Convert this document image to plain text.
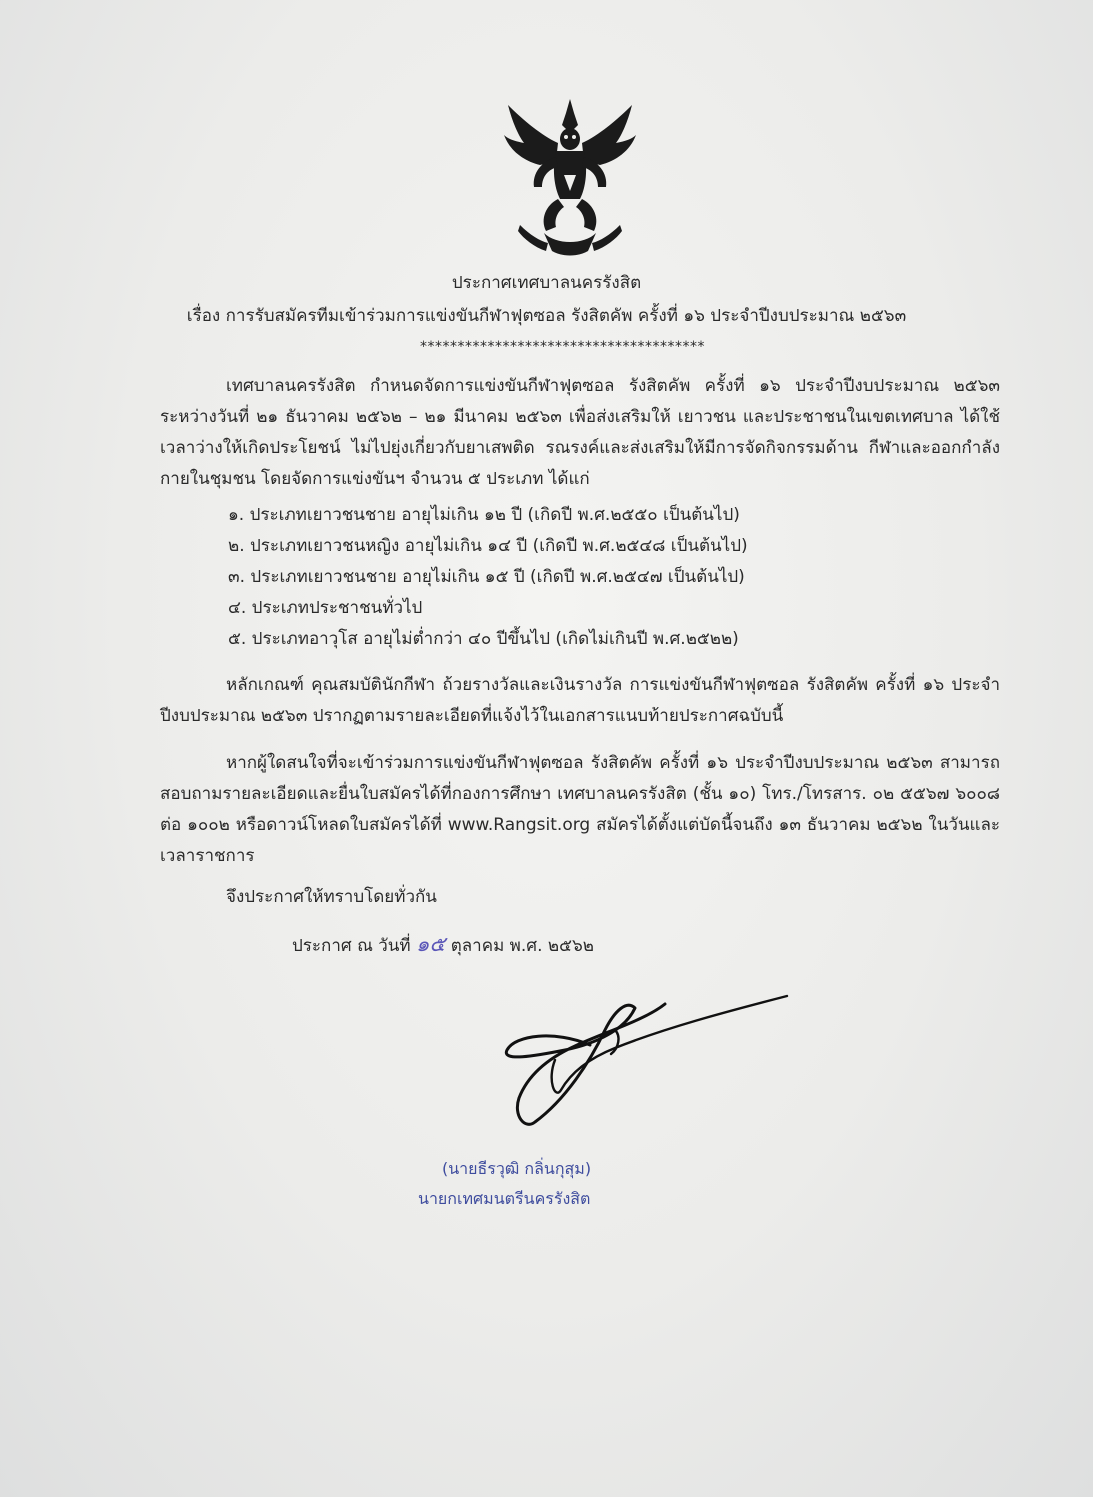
ประกาศเทศบาลนครรังสิต
เรื่อง การรับสมัครทีมเข้าร่วมการแข่งขันกีฬาฟุตซอล รังสิตคัพ ครั้งที่ ๑๖ ประจำปีงบประมาณ ๒๕๖๓
**************************************
เทศบาลนครรังสิต กำหนดจัดการแข่งขันกีฬาฟุตซอล รังสิตคัพ ครั้งที่ ๑๖ ประจำปีงบประมาณ ๒๕๖๓ ระหว่างวันที่ ๒๑ ธันวาคม ๒๕๖๒ – ๒๑ มีนาคม ๒๕๖๓ เพื่อส่งเสริมให้ เยาวชน และประชาชนในเขตเทศบาล ได้ใช้เวลาว่างให้เกิดประโยชน์ ไม่ไปยุ่งเกี่ยวกับยาเสพติด รณรงค์และส่งเสริมให้มีการจัดกิจกรรมด้าน กีฬาและออกกำลังกายในชุมชน โดยจัดการแข่งขันฯ จำนวน ๕ ประเภท ได้แก่
๑. ประเภทเยาวชนชาย อายุไม่เกิน ๑๒ ปี (เกิดปี พ.ศ.๒๕๕๐ เป็นต้นไป)
๒. ประเภทเยาวชนหญิง อายุไม่เกิน ๑๔ ปี (เกิดปี พ.ศ.๒๕๔๘ เป็นต้นไป)
๓. ประเภทเยาวชนชาย อายุไม่เกิน ๑๕ ปี (เกิดปี พ.ศ.๒๕๔๗ เป็นต้นไป)
๔. ประเภทประชาชนทั่วไป
๕. ประเภทอาวุโส อายุไม่ต่ำกว่า ๔๐ ปีขึ้นไป (เกิดไม่เกินปี พ.ศ.๒๕๒๒)
หลักเกณฑ์ คุณสมบัตินักกีฬา ถ้วยรางวัลและเงินรางวัล การแข่งขันกีฬาฟุตซอล รังสิตคัพ ครั้งที่ ๑๖ ประจำปีงบประมาณ ๒๕๖๓ ปรากฏตามรายละเอียดที่แจ้งไว้ในเอกสารแนบท้ายประกาศฉบับนี้
หากผู้ใดสนใจที่จะเข้าร่วมการแข่งขันกีฬาฟุตซอล รังสิตคัพ ครั้งที่ ๑๖ ประจำปีงบประมาณ ๒๕๖๓ สามารถสอบถามรายละเอียดและยื่นใบสมัครได้ที่กองการศึกษา เทศบาลนครรังสิต (ชั้น ๑๐) โทร./โทรสาร. ๐๒ ๕๕๖๗ ๖๐๐๘ ต่อ ๑๐๐๒ หรือดาวน์โหลดใบสมัครได้ที่ www.Rangsit.org สมัครได้ตั้งแต่บัดนี้จนถึง ๑๓ ธันวาคม ๒๕๖๒ ในวันและเวลาราชการ
จึงประกาศให้ทราบโดยทั่วกัน
ประกาศ ณ วันที่ ๑๕ ตุลาคม พ.ศ. ๒๕๖๒
(นายธีรวุฒิ กลิ่นกุสุม)
นายกเทศมนตรีนครรังสิต
